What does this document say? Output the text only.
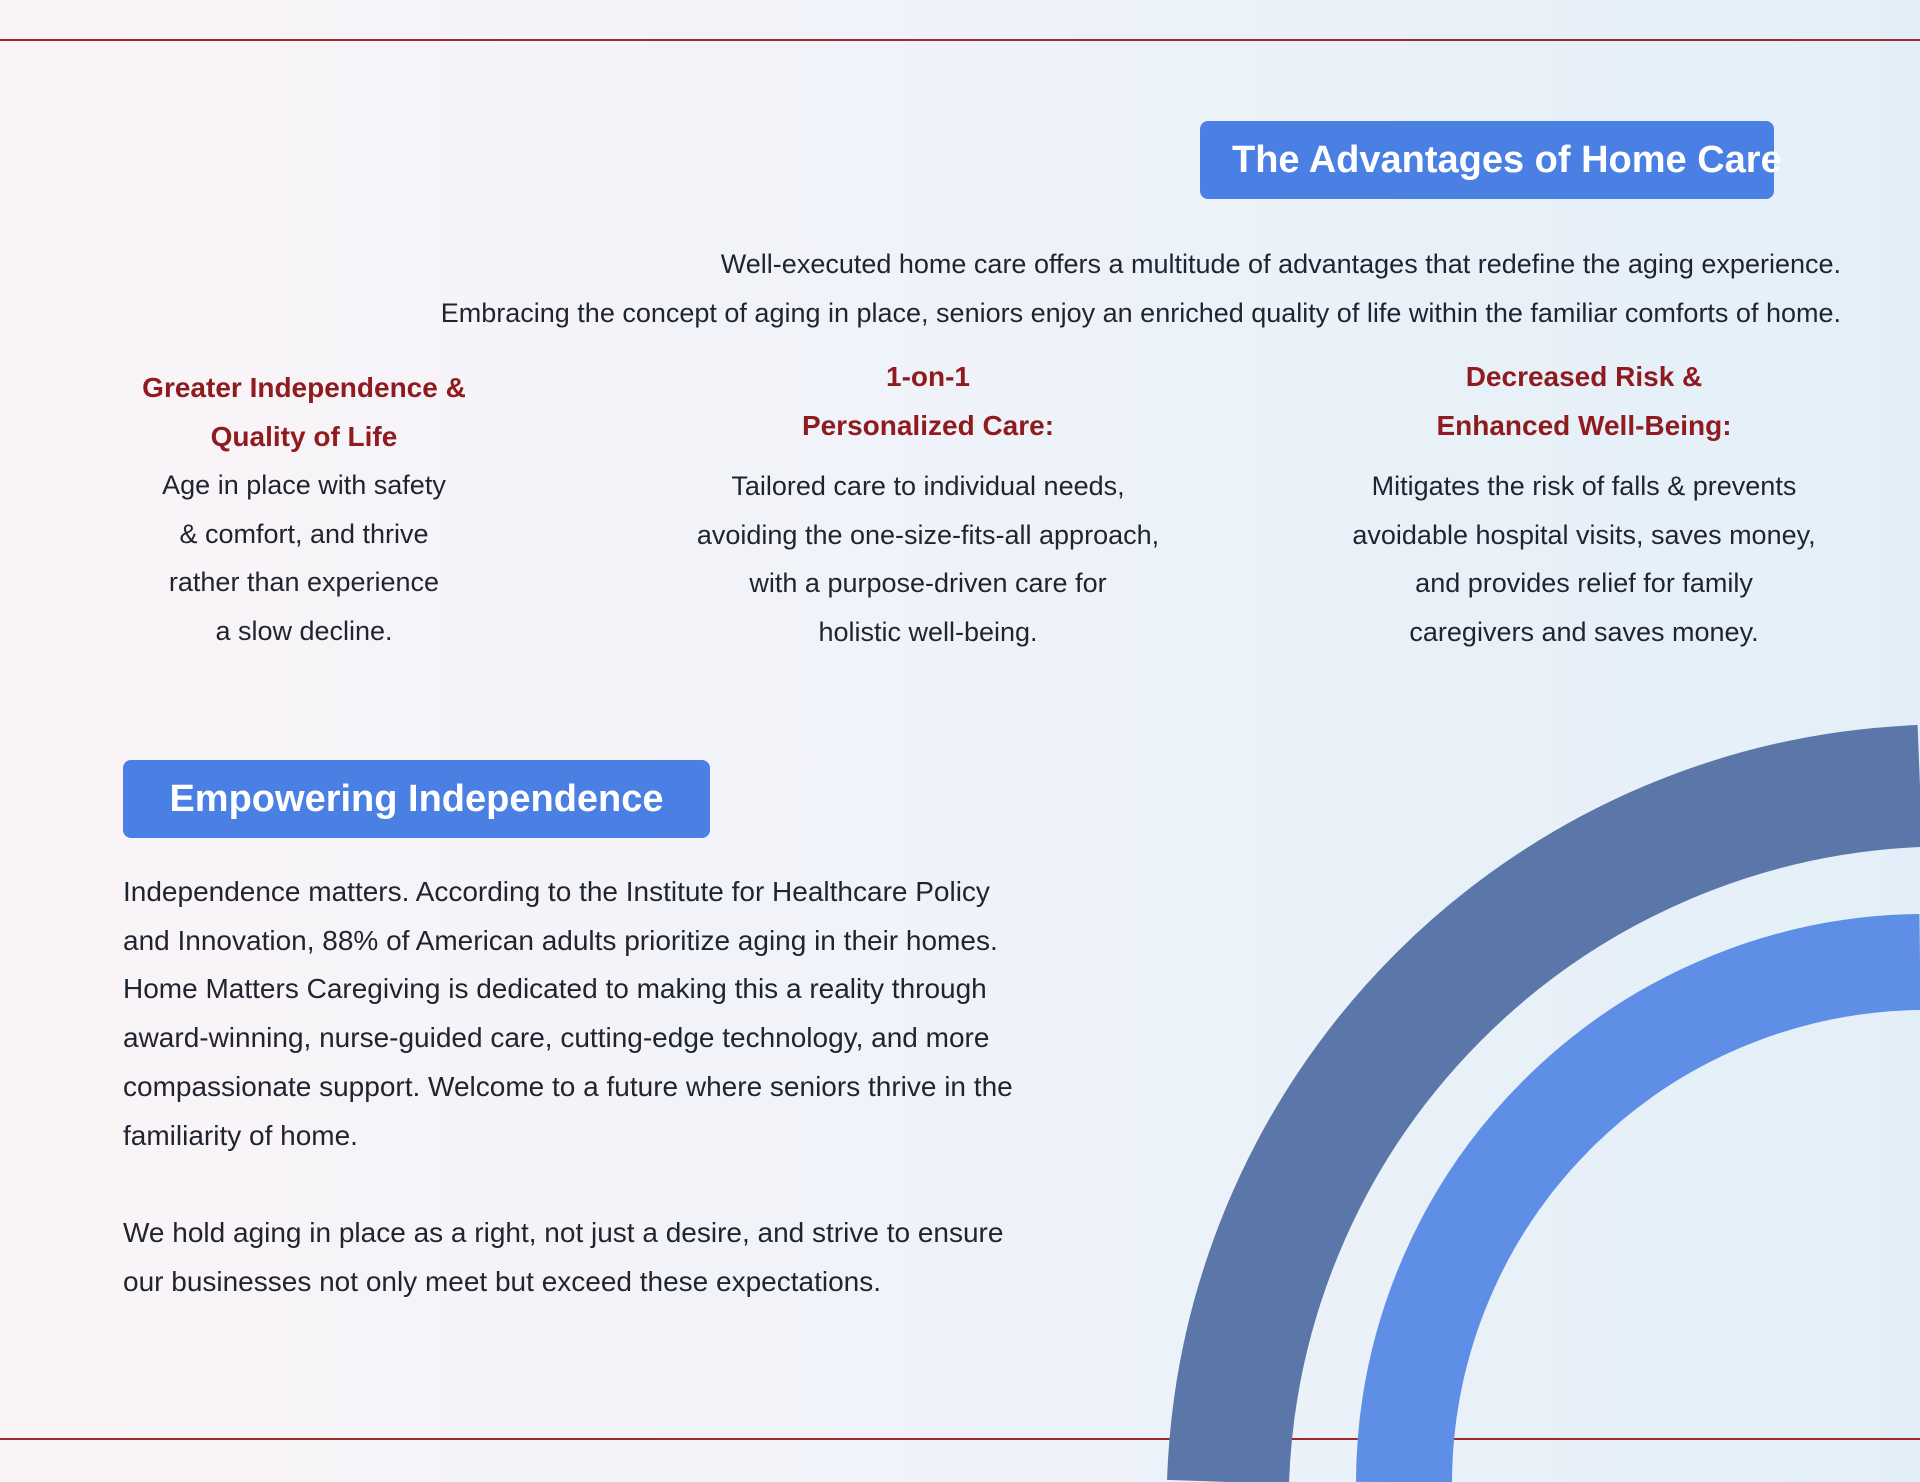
The Advantages of Home Care

Well-executed home care offers a multitude of advantages that redefine the aging experience.

Embracing the concept of aging in place, seniors enjoy an enriched quality of life within the familiar comforts of home.

Greater Independence &
Quality of Life
Age in place with safety
& comfort, and thrive
rather than experience
a slow decline.
1-on-1
Personalized Care:
Tailored care to individual needs,
avoiding the one-size-fits-all approach,
with a purpose-driven care for
holistic well-being.
Decreased Risk &
Enhanced Well-Being:
Mitigates the risk of falls & prevents
avoidable hospital visits, saves money,
and provides relief for family
caregivers and saves money.
Empowering Independence
Independence matters. According to the Institute for Healthcare Policy
and Innovation, 88% of American adults prioritize aging in their homes.
Home Matters Caregiving is dedicated to making this a reality through
award-winning, nurse-guided care, cutting-edge technology, and more
compassionate support. Welcome to a future where seniors thrive in the
familiarity of home.
We hold aging in place as a right, not just a desire, and strive to ensure
our businesses not only meet but exceed these expectations.
